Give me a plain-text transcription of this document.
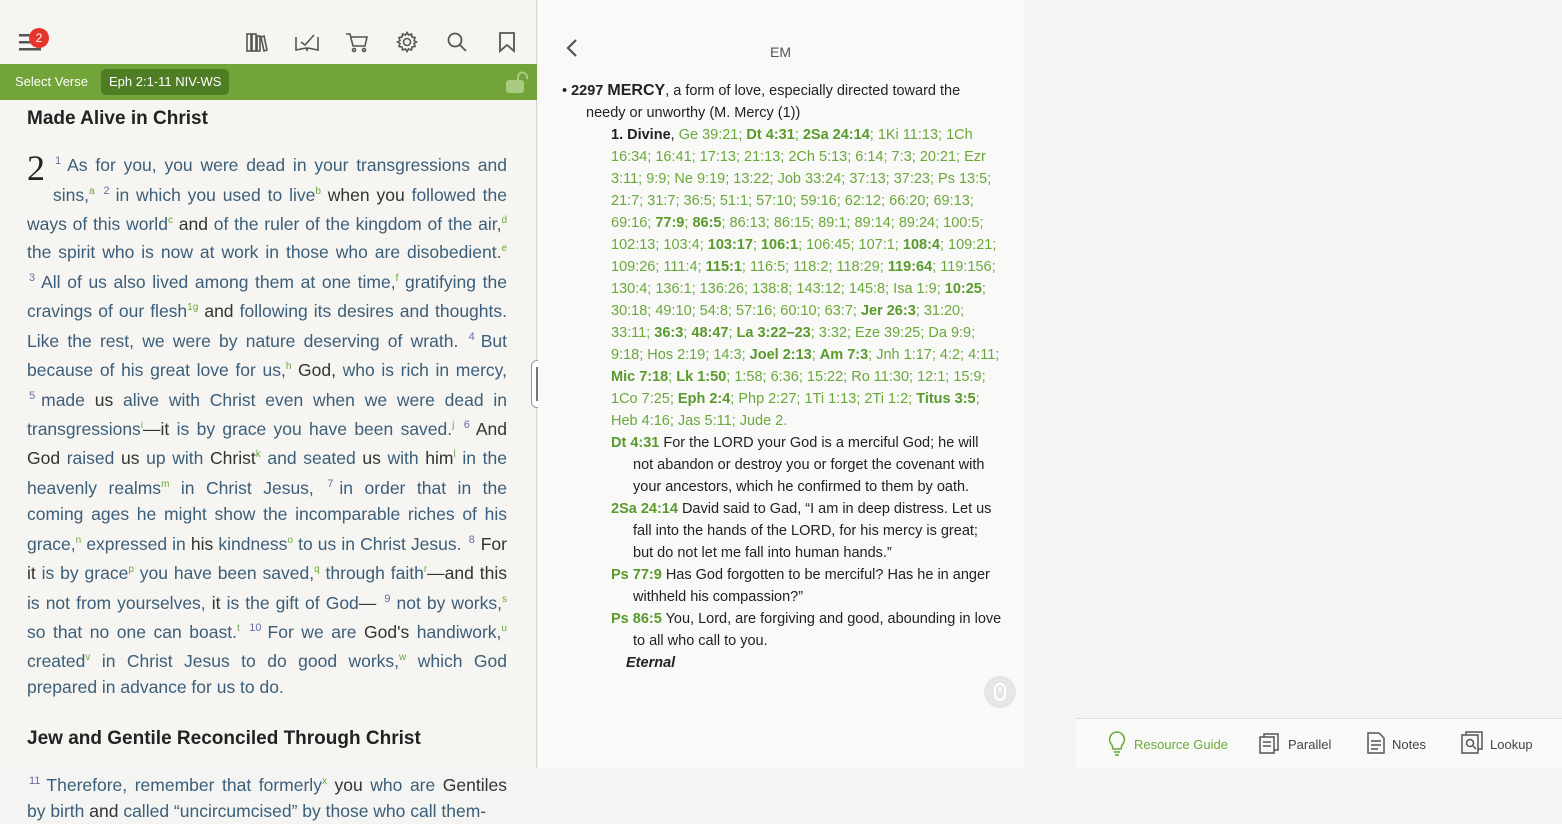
2
Select Verse	Eph 2:1-11 NIV-WS
Made Alive in Christ

2 $^1$ As for you, you were dead in your transgressions and sins,$^a$ $^2$ in which you used to live$^b$ when you followed the ways of this world$^c$ and of the ruler of the kingdom of the air,$^d$ the spirit who is now at work in those who are disobedient.$^e$ $^3$ All of us also lived among them at one time,$^f$ gratifying the cravings of our flesh$^{1g}$ and following its desires and thoughts. Like the rest, we were by nature deserving of wrath. $^4$ But because of his great love for us,$^h$ God, who is rich in mercy, $^5$ made us alive with Christ even when we were dead in transgressions$^i$—it is by grace you have been saved.$^j$ $^6$ And God raised us up with Christ$^k$ and seated us with him$^l$ in the heavenly realms$^m$ in Christ Jesus, $^7$ in order that in the coming ages he might show the incomparable riches of his grace,$^n$ expressed in his kindness$^o$ to us in Christ Jesus. $^8$ For it is by grace$^p$ you have been saved,$^q$ through faith$^r$—and this is not from yourselves, it is the gift of God— $^9$ not by works,$^s$ so that no one can boast.$^t$ $^{10}$ For we are God's handiwork,$^u$ created$^v$ in Christ Jesus to do good works,$^w$ which God prepared in advance for us to do.

Jew and Gentile Reconciled Through Christ

$^{11}$ Therefore, remember that formerly$^x$ you who are Gentiles by birth and called “uncircumcised” by those who call them-

EM
• 2297 MERCY, a form of love, especially directed toward the needy or unworthy (M. Mercy (1))
1. Divine, Ge 39:21; Dt 4:31; 2Sa 24:14; 1Ki 11:13; 1Ch 16:34; 16:41; 17:13; 21:13; 2Ch 5:13; 6:14; 7:3; 20:21; Ezr 3:11; 9:9; Ne 9:19; 13:22; Job 33:24; 37:13; 37:23; Ps 13:5; 21:7; 31:7; 36:5; 51:1; 57:10; 59:16; 62:12; 66:20; 69:13; 69:16; 77:9; 86:5; 86:13; 86:15; 89:1; 89:14; 89:24; 100:5; 102:13; 103:4; 103:17; 106:1; 106:45; 107:1; 108:4; 109:21; 109:26; 111:4; 115:1; 116:5; 118:2; 118:29; 119:64; 119:156; 130:4; 136:1; 136:26; 138:8; 143:12; 145:8; Isa 1:9; 10:25; 30:18; 49:10; 54:8; 57:16; 60:10; 63:7; Jer 26:3; 31:20; 33:11; 36:3; 48:47; La 3:22–23; 3:32; Eze 39:25; Da 9:9; 9:18; Hos 2:19; 14:3; Joel 2:13; Am 7:3; Jnh 1:17; 4:2; 4:11; Mic 7:18; Lk 1:50; 1:58; 6:36; 15:22; Ro 11:30; 12:1; 15:9; 1Co 7:25; Eph 2:4; Php 2:27; 1Ti 1:13; 2Ti 1:2; Titus 3:5; Heb 4:16; Jas 5:11; Jude 2.
Dt 4:31 For the LORD your God is a merciful God; he will not abandon or destroy you or forget the covenant with your ancestors, which he confirmed to them by oath.
2Sa 24:14 David said to Gad, “I am in deep distress. Let us fall into the hands of the LORD, for his mercy is great; but do not let me fall into human hands.”
Ps 77:9 Has God forgotten to be merciful? Has he in anger withheld his compassion?”
Ps 86:5 You, Lord, are forgiving and good, abounding in love to all who call to you.
Eternal
Resource Guide	Parallel	Notes	Lookup
